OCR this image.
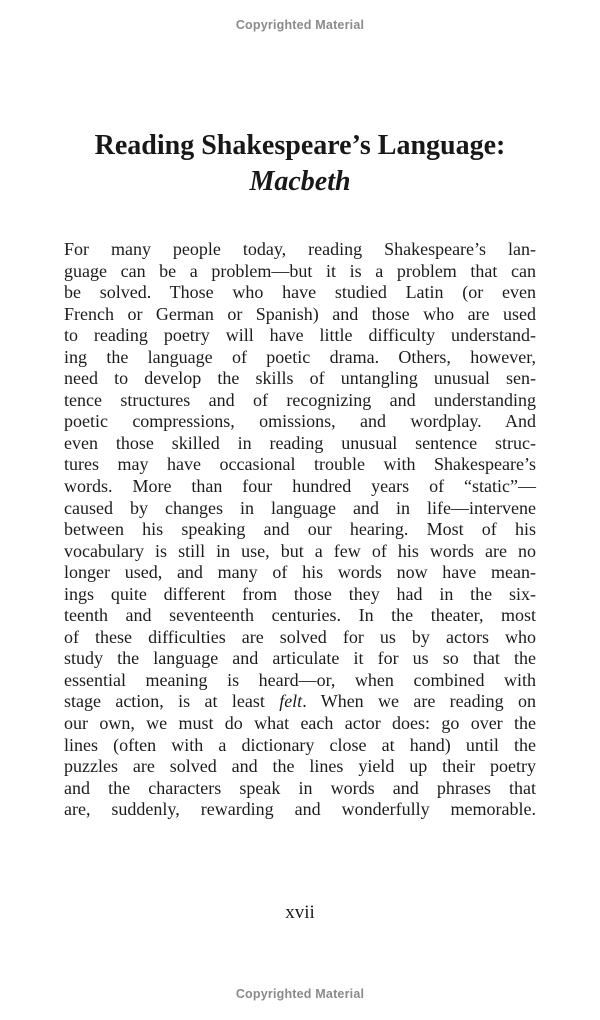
Copyrighted Material
Reading Shakespeare’s Language:
Macbeth
For many people today, reading Shakespeare’s lan-
guage can be a problem—but it is a problem that can
be solved. Those who have studied Latin (or even
French or German or Spanish) and those who are used
to reading poetry will have little difficulty understand-
ing the language of poetic drama. Others, however,
need to develop the skills of untangling unusual sen-
tence structures and of recognizing and understanding
poetic compressions, omissions, and wordplay. And
even those skilled in reading unusual sentence struc-
tures may have occasional trouble with Shakespeare’s
words. More than four hundred years of “static”—
caused by changes in language and in life—intervene
between his speaking and our hearing. Most of his
vocabulary is still in use, but a few of his words are no
longer used, and many of his words now have mean-
ings quite different from those they had in the six-
teenth and seventeenth centuries. In the theater, most
of these difficulties are solved for us by actors who
study the language and articulate it for us so that the
essential meaning is heard—or, when combined with
stage action, is at least felt. When we are reading on
our own, we must do what each actor does: go over the
lines (often with a dictionary close at hand) until the
puzzles are solved and the lines yield up their poetry
and the characters speak in words and phrases that
are, suddenly, rewarding and wonderfully memorable.
xvii
Copyrighted Material
